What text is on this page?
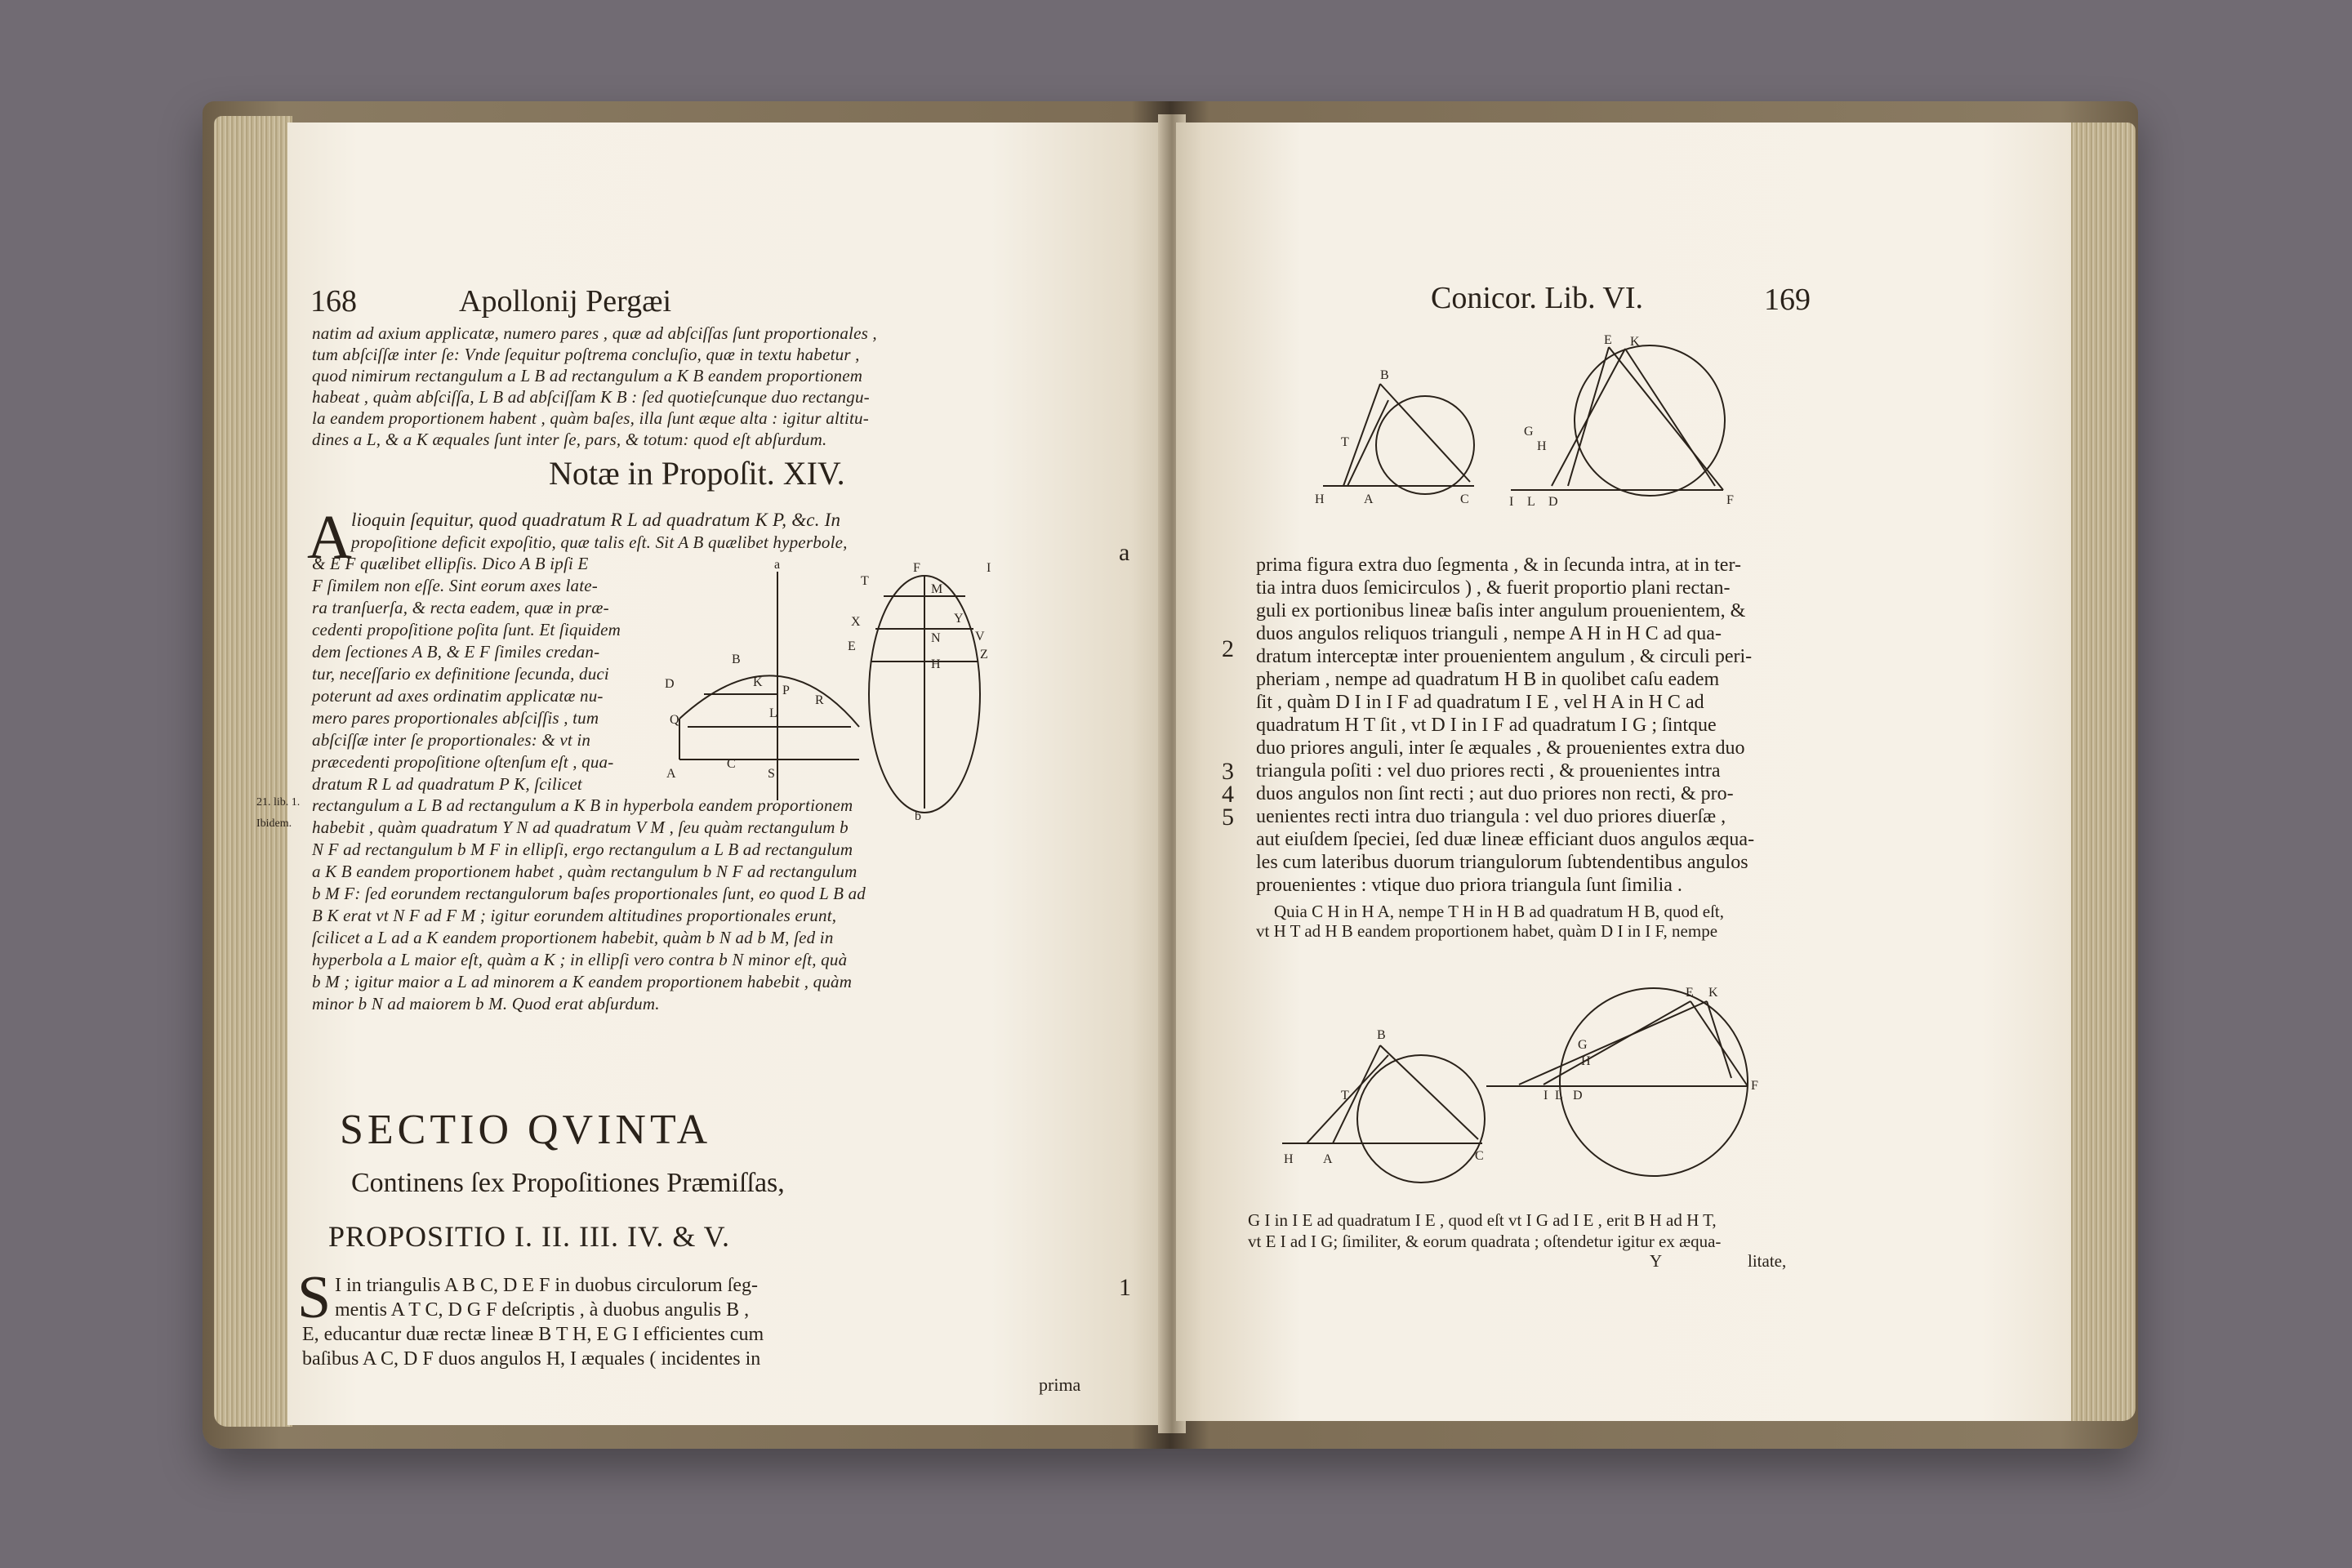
168	Apollonij Pergæi
natim ad axium applicatæ, numero pares , quæ ad abſciſſas ſunt proportionales ,
tum abſciſſæ inter ſe: Vnde ſequitur poſtrema concluſio, quæ in textu habetur ,
quod nimirum rectangulum a L B ad rectangulum a K B eandem proportionem
habeat , quàm abſciſſa, L B ad abſciſſam K B : ſed quotieſcunque duo rectangu-
la eandem proportionem habent , quàm baſes, illa ſunt æque alta : igitur altitu-
dines a L, & a K æquales ſunt inter ſe, pars, & totum: quod eſt abſurdum.
Notæ in Propoſit. XIV.
A lioquin ſequitur, quod quadratum R L ad quadratum K P, &c. In
a
propoſitione deficit expoſitio, quæ talis eſt. Sit A B quælibet hyperbole,
& E F quælibet ellipſis. Dico A B ipſi E
F ſimilem non eſſe. Sint eorum axes late-
ra tranſuerſa, & recta eadem, quæ in præ-
cedenti propoſitione poſita ſunt. Et ſiquidem
dem ſectiones A B, & E F ſimiles credan-
tur, neceſſario ex definitione ſecunda, duci
poterunt ad axes ordinatim applicatæ nu-
mero pares proportionales abſciſſis , tum
abſciſſæ inter ſe proportionales: & vt in
præcedenti propoſitione oſtenſum eſt , qua-
dratum R L ad quadratum P K, ſcilicet
D
B
Q
K
P
R
A
C
S
L
F	I
T
M
X
E
Y
V
Z
N
H
b
a
21. lib. 1.
Ibidem.
rectangulum a L B ad rectangulum a K B in hyperbola eandem proportionem
habebit , quàm quadratum Y N ad quadratum V M , ſeu quàm rectangulum b
N F ad rectangulum b M F in ellipſi, ergo rectangulum a L B ad rectangulum
a K B eandem proportionem habet , quàm rectangulum b N F ad rectangulum
b M F: ſed eorundem rectangulorum baſes proportionales ſunt, eo quod L B ad
B K erat vt N F ad F M ; igitur eorundem altitudines proportionales erunt,
ſcilicet a L ad a K eandem proportionem habebit, quàm b N ad b M, ſed in
hyperbola a L maior eſt, quàm a K ; in ellipſi vero contra b N minor eſt, quà
b M ; igitur maior a L ad minorem a K eandem proportionem habebit , quàm
minor b N ad maiorem b M. Quod erat abſurdum.
SECTIO QVINTA
Continens ſex Propoſitiones Præmiſſas,
PROPOSITIO I. II. III. IV. & V.
S I in triangulis A B C, D E F in duobus circulorum ſeg-	1
mentis A T C, D G F deſcriptis , à duobus angulis B ,
E, educantur duæ rectæ lineæ B T H, E G I efficientes cum
baſibus A C, D F duos angulos H, I æquales ( incidentes in
prima
Conicor. Lib. VI.	169
B
T
H	A	C
E K
G
H
I L D	F
prima figura extra duo ſegmenta , & in ſecunda intra, at in ter-
tia intra duos ſemicirculos ) , & fuerit proportio plani rectan-
guli ex portionibus lineæ baſis inter angulum prouenientem, &
duos angulos reliquos trianguli , nempe A H in H C ad qua-
dratum interceptæ inter prouenientem angulum , & circuli peri-
pheriam , nempe ad quadratum H B in quolibet caſu eadem
ſit , quàm D I in I F ad quadratum I E , vel H A in H C ad
quadratum H T ſit , vt D I in I F ad quadratum I G ; ſintque
duo priores anguli, inter ſe æquales , & prouenientes extra duo
triangula poſiti : vel duo priores recti , & prouenientes intra
duos angulos non ſint recti ; aut duo priores non recti, & pro-
uenientes recti intra duo triangula : vel duo priores diuerſæ ,
aut eiuſdem ſpeciei, ſed duæ lineæ efficiant duos angulos æqua-
les cum lateribus duorum triangulorum ſubtendentibus angulos
prouenientes : vtique duo priora triangula ſunt ſimilia .
2
3
4
5
Quia C H in H A, nempe T H in H B ad quadratum H B, quod eſt,
vt H T ad H B eandem proportionem habet, quàm D I in I F, nempe
B
T
H A	C
E K
G
H
I L D
F
G I in I E ad quadratum I E , quod eſt vt I G ad I E , erit B H ad H T,
vt E I ad I G; ſimiliter, & eorum quadrata ; oſtendetur igitur ex æqua-
Y	litate,
